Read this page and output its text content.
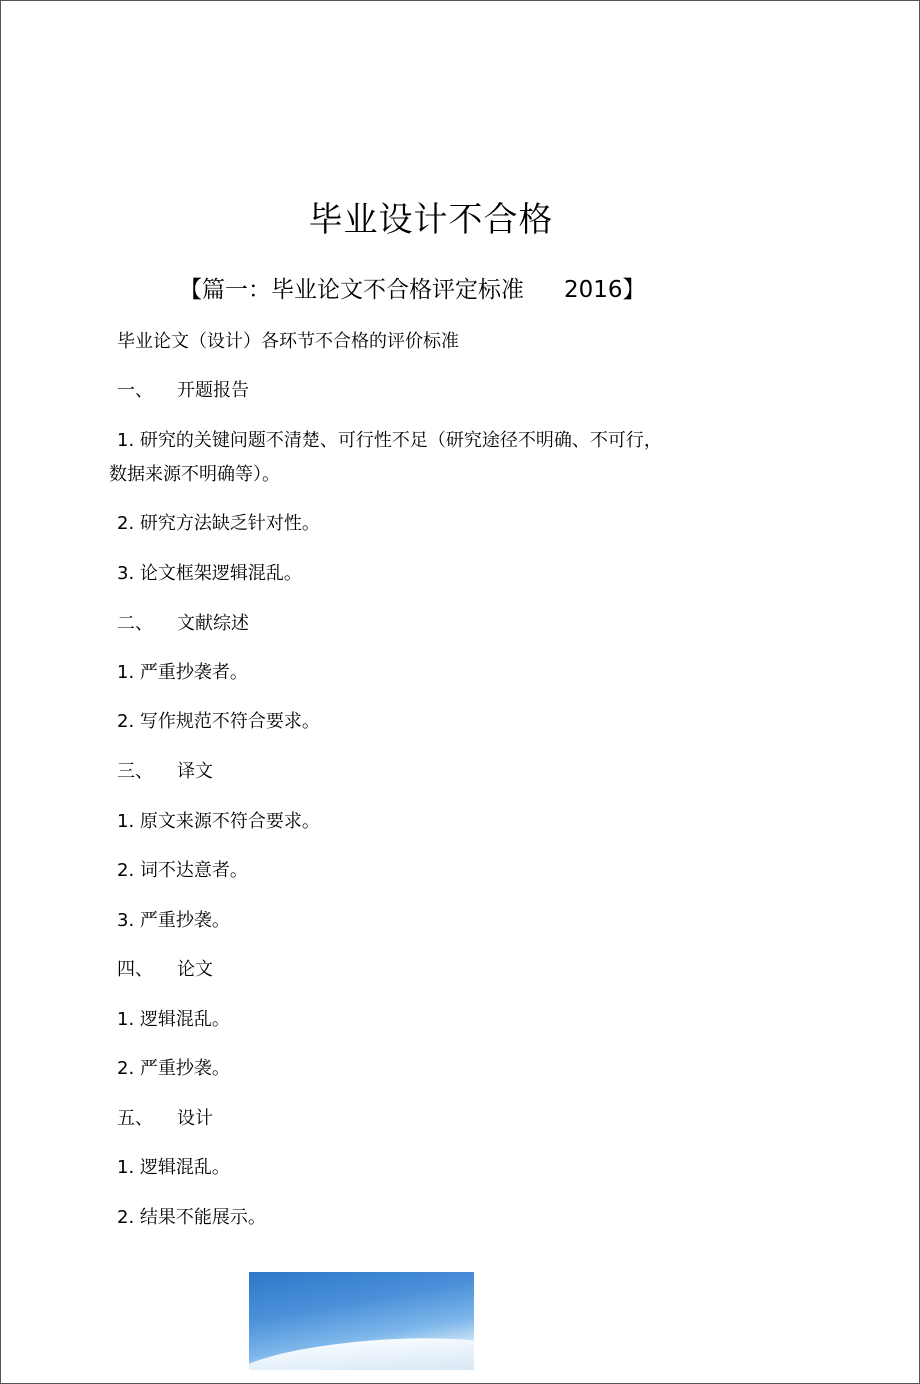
毕业设计不合格
【篇一：毕业论文不合格评定标准 2016】
毕业论文（设计）各环节不合格的评价标准
一、 开题报告
1. 研究的关键问题不清楚、可行性不足（研究途径不明确、不可行，
数据来源不明确等）。
2. 研究方法缺乏针对性。
3. 论文框架逻辑混乱。
二、 文献综述
1. 严重抄袭者。
2. 写作规范不符合要求。
三、 译文
1. 原文来源不符合要求。
2. 词不达意者。
3. 严重抄袭。
四、 论文
1. 逻辑混乱。
2. 严重抄袭。
五、 设计
1. 逻辑混乱。
2. 结果不能展示。
